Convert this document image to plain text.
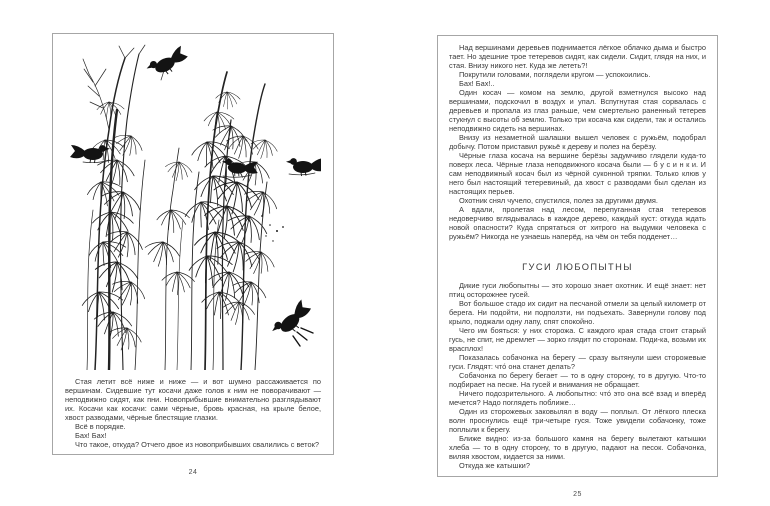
Стая летит всё ниже и ниже — и вот шумно рассаживается по вершинам. Сидевшие тут косачи даже голов к ним не поворачивают — неподвижно сидят, как пни. Новоприбывшие внимательно разглядывают их. Косачи как косачи: сами чёрные, бровь красная, на крыле белое, хвост разводами, чёрные блестящие глазки.

Всё в порядке.

Бах! Бах!

Что такое, откуда? Отчего двое из новоприбывших свалились с веток?

24

Над вершинами деревьев поднимается лёгкое облачко дыма и быстро тает. Но здешние трое тетеревов сидят, как сидели. Сидит, глядя на них, и стая. Внизу никого нет. Куда же лететь?!

Покрутили головами, поглядели кругом — успокоились.

Бах! Бах!..

Один косач — комом на землю, другой взметнулся высоко над вершинами, подскочил в воздух и упал. Вспугнутая стая сорвалась с деревьев и пропала из глаз раньше, чем смертельно раненный тетерев стукнул с высоты об землю. Только три косача как сидели, так и остались неподвижно сидеть на вершинах.

Внизу из незаметной шалашки вышел человек с ружьём, подобрал добычу. Потом приставил ружьё к дереву и полез на берёзу.

Чёрные глаза косача на вершине берёзы задумчиво глядели куда-то поверх леса. Чёрные глаза неподвижного косача были — б у с и н к и. И сам неподвижный косач был из чёрной суконной тряпки. Только клюв у него был настоящий тетеревиный, да хвост с разводами был сделан из настоящих перьев.

Охотник снял чучело, спустился, полез за другими двумя.

А вдали, пролетая над лесом, перепуганная стая тетеревов недоверчиво вглядывалась в каждое дерево, каждый куст: откуда ждать новой опасности? Куда спрятаться от хитрого на выдумки человека с ружьём? Никогда не узнаешь наперёд, на чём он тебя подденет…

ГУСИ ЛЮБОПЫТНЫ

Дикие гуси любопытны — это хорошо знает охотник. И ещё знает: нет птиц осторожнее гусей.

Вот большое стадо их сидит на песчаной отмели за целый километр от берега. Ни подойти, ни подползти, ни подъехать. Завернули голову под крыло, поджали одну лапу, спят спокойно.

Чего им бояться: у них сторожа. С каждого края стада стоит старый гусь, не спит, не дремлет — зорко глядит по сторонам. Поди-ка, возьми их врасплох!

Показалась собачонка на берегу — сразу вытянули шеи сторожевые гуси. Глядят: чтó она станет делать?

Собачонка по берегу бегает — то в одну сторону, то в другую. Что-то подбирает на песке. На гусей и внимания не обращает.

Ничего подозрительного. А любопытно: чтó это она всё взад и вперёд мечется? Надо поглядеть поближе…

Один из сторожевых заковылял в воду — поплыл. От лёгкого плеска волн проснулись ещё три-четыре гуся. Тоже увидели собачонку, тоже поплыли к берегу.

Ближе видно: из-за большого камня на берегу вылетают катышки хлеба — то в одну сторону, то в другую, падают на песок. Собачонка, виляя хвостом, кидается за ними.

Откуда же катышки?

25
